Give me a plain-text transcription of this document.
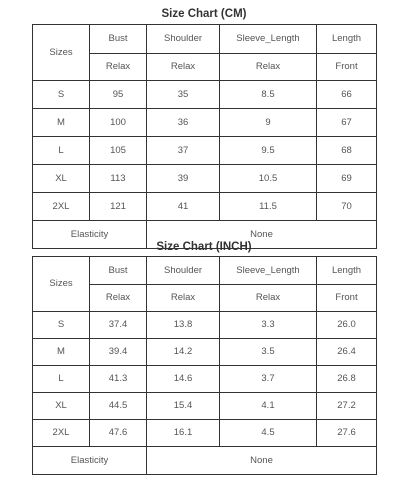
Size Chart (CM)
Sizes	Bust	Shoulder	Sleeve_Length	Length
	Relax	Relax	Relax	Front
S	95	35	8.5	66
M	100	36	9	67
L	105	37	9.5	68
XL	113	39	10.5	69
2XL	121	41	11.5	70
Elasticity		None		
Size Chart (INCH)
Sizes	Bust	Shoulder	Sleeve_Length	Length
	Relax	Relax	Relax	Front
S	37.4	13.8	3.3	26.0
M	39.4	14.2	3.5	26.4
L	41.3	14.6	3.7	26.8
XL	44.5	15.4	4.1	27.2
2XL	47.6	16.1	4.5	27.6
Elasticity		None		
